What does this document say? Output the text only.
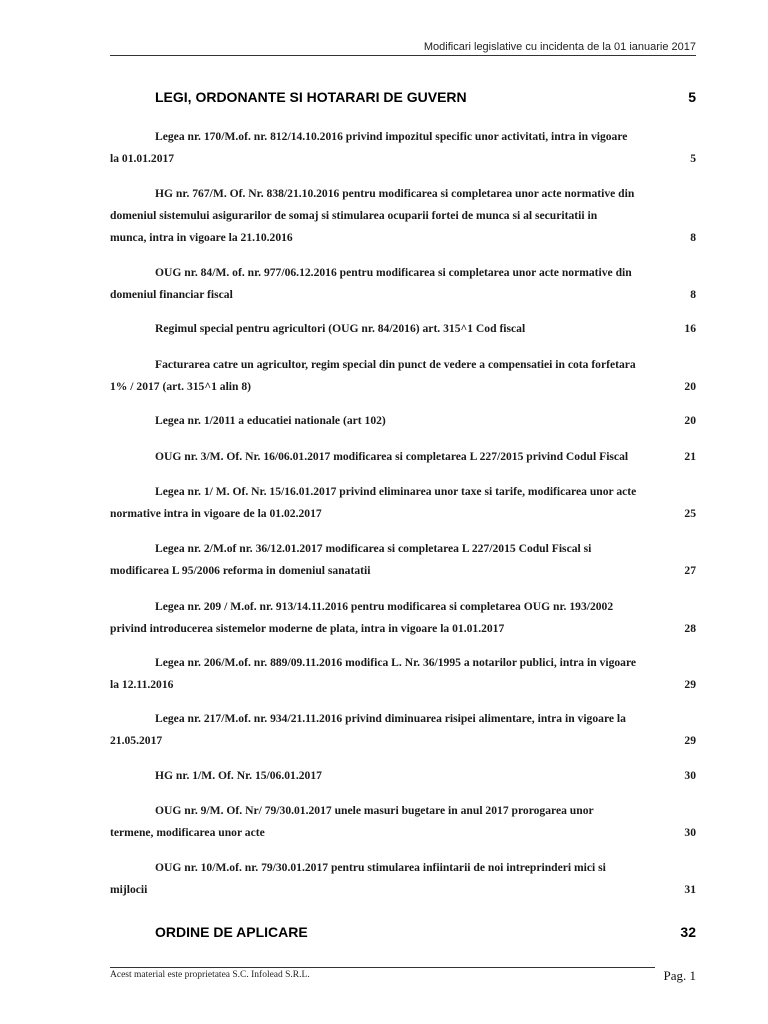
Modificari legislative cu incidenta de la 01 ianuarie 2017
LEGI, ORDONANTE SI HOTARARI DE GUVERN	5
ORDINE DE APLICARE	32
Legea nr. 170/M.of. nr. 812/14.10.2016 privind impozitul specific unor activitati, intra in vigoare
la 01.01.2017	5
HG nr. 767/M. Of. Nr. 838/21.10.2016 pentru modificarea si completarea unor acte normative din
domeniul sistemului asigurarilor de somaj si stimularea ocuparii fortei de munca si al securitatii in
munca, intra in vigoare la 21.10.2016	8
OUG nr. 84/M. of. nr. 977/06.12.2016 pentru modificarea si completarea unor acte normative din
domeniul financiar fiscal	8
Regimul special pentru agricultori (OUG nr. 84/2016) art. 315^1 Cod fiscal	16
Facturarea catre un agricultor, regim special din punct de vedere a compensatiei in cota forfetara
1% / 2017 (art. 315^1 alin 8)	20
Legea nr. 1/2011 a educatiei nationale (art 102)	20
OUG nr. 3/M. Of. Nr. 16/06.01.2017 modificarea si completarea L 227/2015 privind Codul Fiscal	21
Legea nr. 1/ M. Of. Nr. 15/16.01.2017 privind eliminarea unor taxe si tarife, modificarea unor acte
normative intra in vigoare de la 01.02.2017	25
Legea nr. 2/M.of nr. 36/12.01.2017 modificarea si completarea L 227/2015 Codul Fiscal si
modificarea L 95/2006 reforma in domeniul sanatatii	27
Legea nr. 209 / M.of. nr. 913/14.11.2016 pentru modificarea si completarea OUG nr. 193/2002
privind introducerea sistemelor moderne de plata, intra in vigoare la 01.01.2017	28
Legea nr. 206/M.of. nr. 889/09.11.2016 modifica L. Nr. 36/1995 a notarilor publici, intra in vigoare
la 12.11.2016	29
Legea nr. 217/M.of. nr. 934/21.11.2016 privind diminuarea risipei alimentare, intra in vigoare la
21.05.2017	29
HG nr. 1/M. Of. Nr. 15/06.01.2017	30
OUG nr. 9/M. Of. Nr/ 79/30.01.2017 unele masuri bugetare in anul 2017 prorogarea unor
termene, modificarea unor acte	30
OUG nr. 10/M.of. nr. 79/30.01.2017 pentru stimularea infiintarii de noi intreprinderi mici si
mijlocii	31
Acest material este proprietatea S.C. Infolead S.R.L.	Pag. 1
